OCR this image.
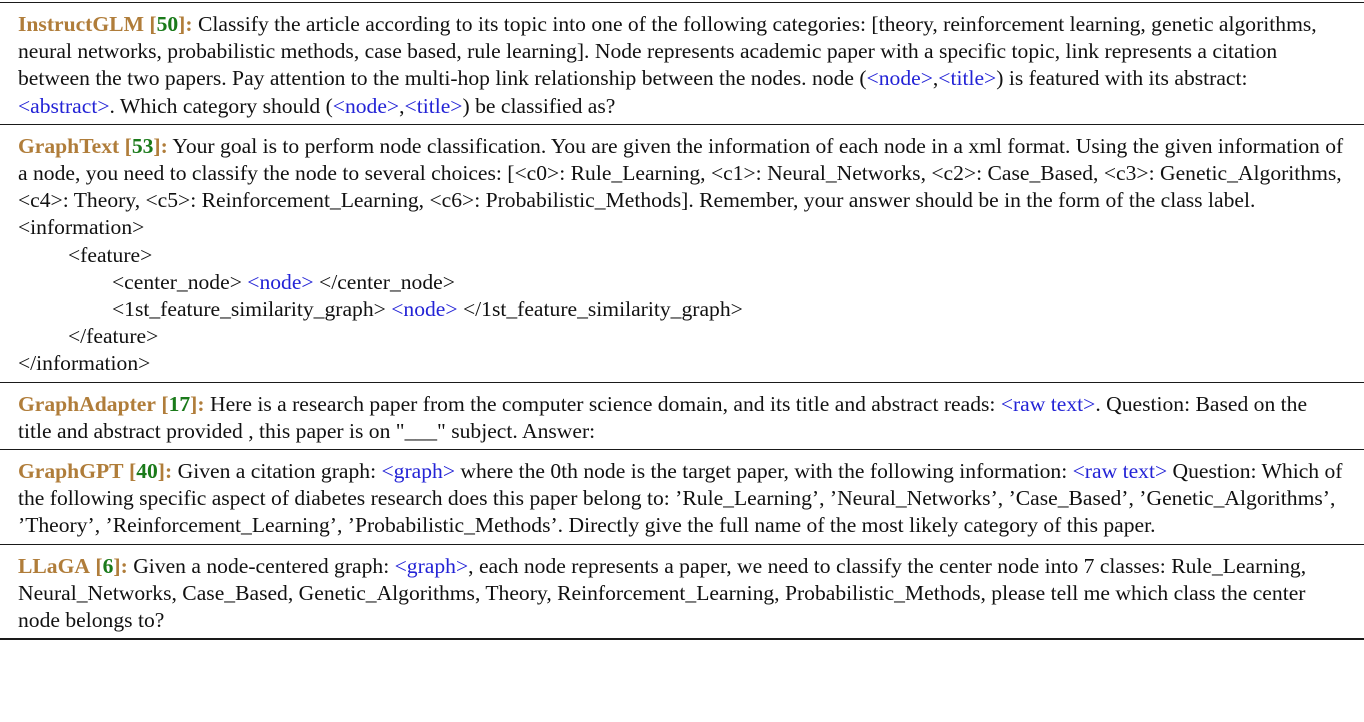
InstructGLM [50]: Classify the article according to its topic into one of the following categories: [theory, reinforcement learning, genetic algorithms, neural networks, probabilistic methods, case based, rule learning]. Node represents academic paper with a specific topic, link represents a citation between the two papers. Pay attention to the multi-hop link relationship between the nodes. node (<node>,<title>) is featured with its abstract: <abstract>. Which category should (<node>,<title>) be classified as?
GraphText [53]: Your goal is to perform node classification. You are given the information of each node in a xml format. Using the given information of a node, you need to classify the node to several choices: [<c0>: Rule_Learning, <c1>: Neural_Networks, <c2>: Case_Based, <c3>: Genetic_Algorithms, <c4>: Theory, <c5>: Reinforcement_Learning, <c6>: Probabilistic_Methods]. Remember, your answer should be in the form of the class label.
<information>
<feature>
<center_node> <node> </center_node>
<1st_feature_similarity_graph> <node> </1st_feature_similarity_graph>
</feature>
</information>
GraphAdapter [17]: Here is a research paper from the computer science domain, and its title and abstract reads: <raw text>. Question: Based on the title and abstract provided , this paper is on "___" subject. Answer:
GraphGPT [40]: Given a citation graph: <graph> where the 0th node is the target paper, with the following information: <raw text> Question: Which of the following specific aspect of diabetes research does this paper belong to: ’Rule_Learning’, ’Neural_Networks’, ’Case_Based’, ’Genetic_Algorithms’, ’Theory’, ’Reinforcement_Learning’, ’Probabilistic_Methods’. Directly give the full name of the most likely category of this paper.
LLaGA [6]: Given a node-centered graph: <graph>, each node represents a paper, we need to classify the center node into 7 classes: Rule_Learning, Neural_Networks, Case_Based, Genetic_Algorithms, Theory, Reinforcement_Learning, Probabilistic_Methods, please tell me which class the center node belongs to?
